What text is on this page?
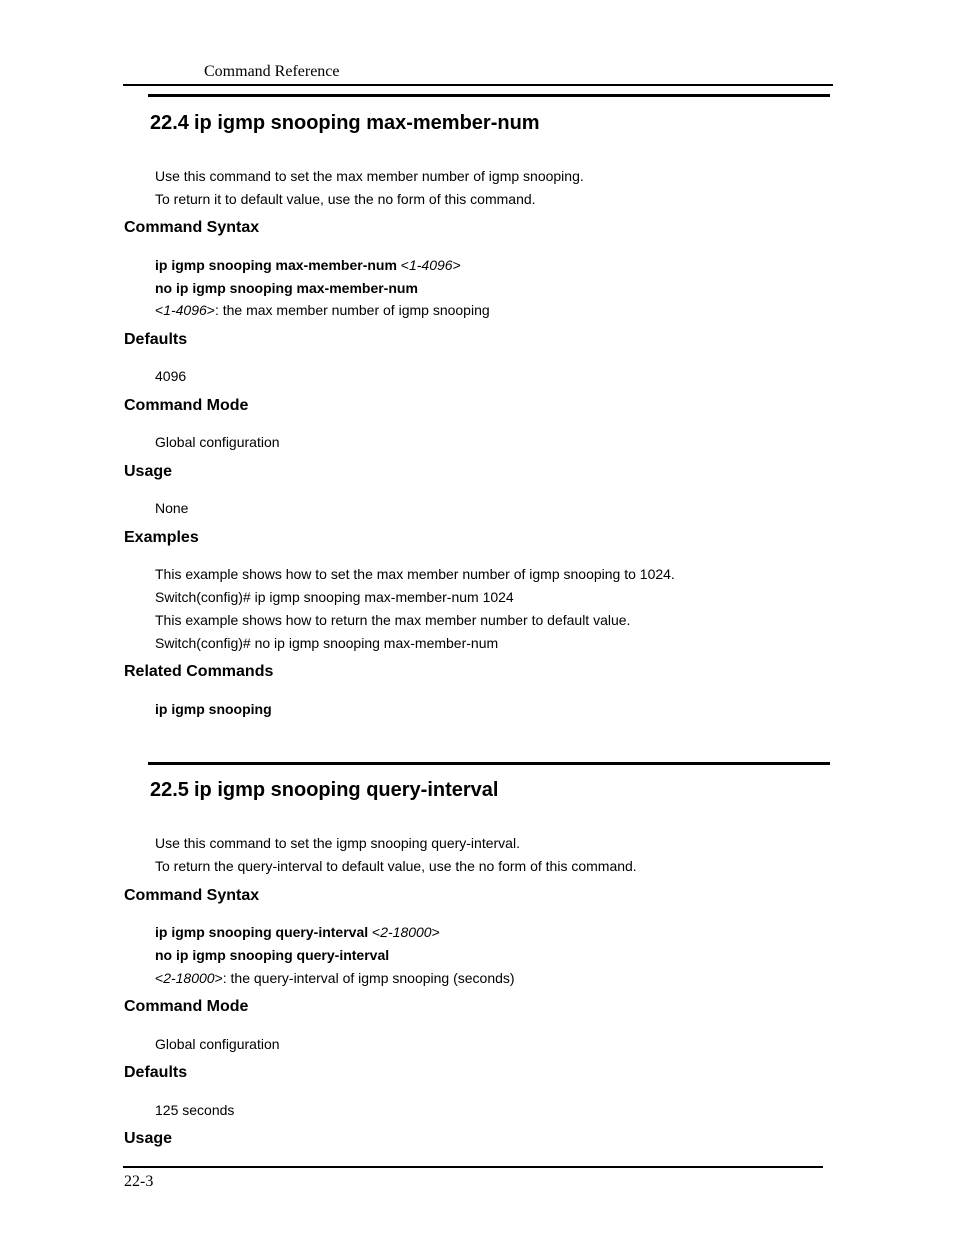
Command Reference
22.4 ip igmp snooping max-member-num
Use this command to set the max member number of igmp snooping.
To return it to default value, use the no form of this command.
Command Syntax
ip igmp snooping max-member-num <1-4096>
no ip igmp snooping max-member-num
<1-4096>: the max member number of igmp snooping
Defaults
4096
Command Mode
Global configuration
Usage
None
Examples
This example shows how to set the max member number of igmp snooping to 1024.
Switch(config)# ip igmp snooping max-member-num 1024
This example shows how to return the max member number to default value.
Switch(config)# no ip igmp snooping max-member-num
Related Commands
ip igmp snooping
22.5 ip igmp snooping query-interval
Use this command to set the igmp snooping query-interval.
To return the query-interval to default value, use the no form of this command.
Command Syntax
ip igmp snooping query-interval <2-18000>
no ip igmp snooping query-interval
<2-18000>: the query-interval of igmp snooping (seconds)
Command Mode
Global configuration
Defaults
125 seconds
Usage
22-3
